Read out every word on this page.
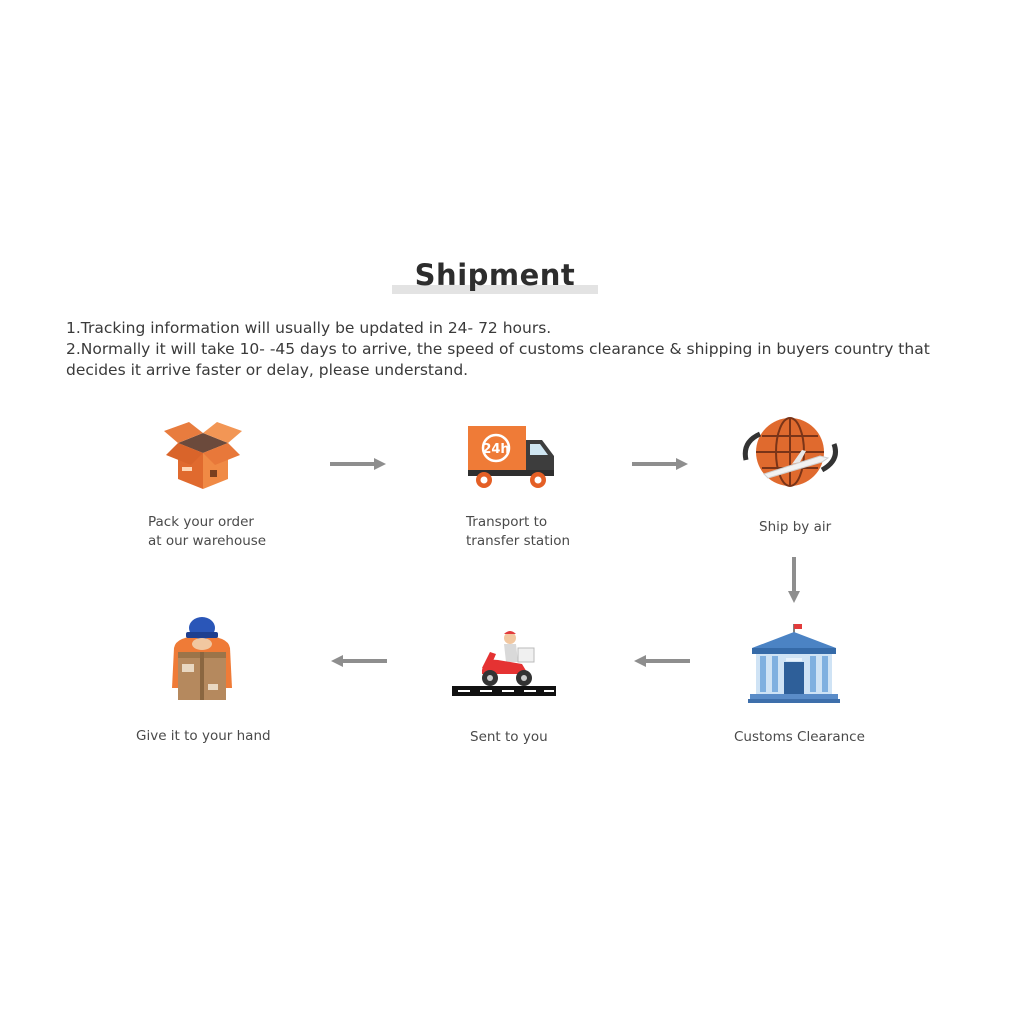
Shipment

1.Tracking information will usually be updated in 24- 72 hours.

2.Normally it will take 10- -45 days to arrive, the speed of customs clearance & shipping in buyers country that

decides it arrive faster or delay, please understand.

Pack your order
at our warehouse
24h
Transport to
transfer station
Ship by air
Customs Clearance
Sent to you
Give it to your hand
